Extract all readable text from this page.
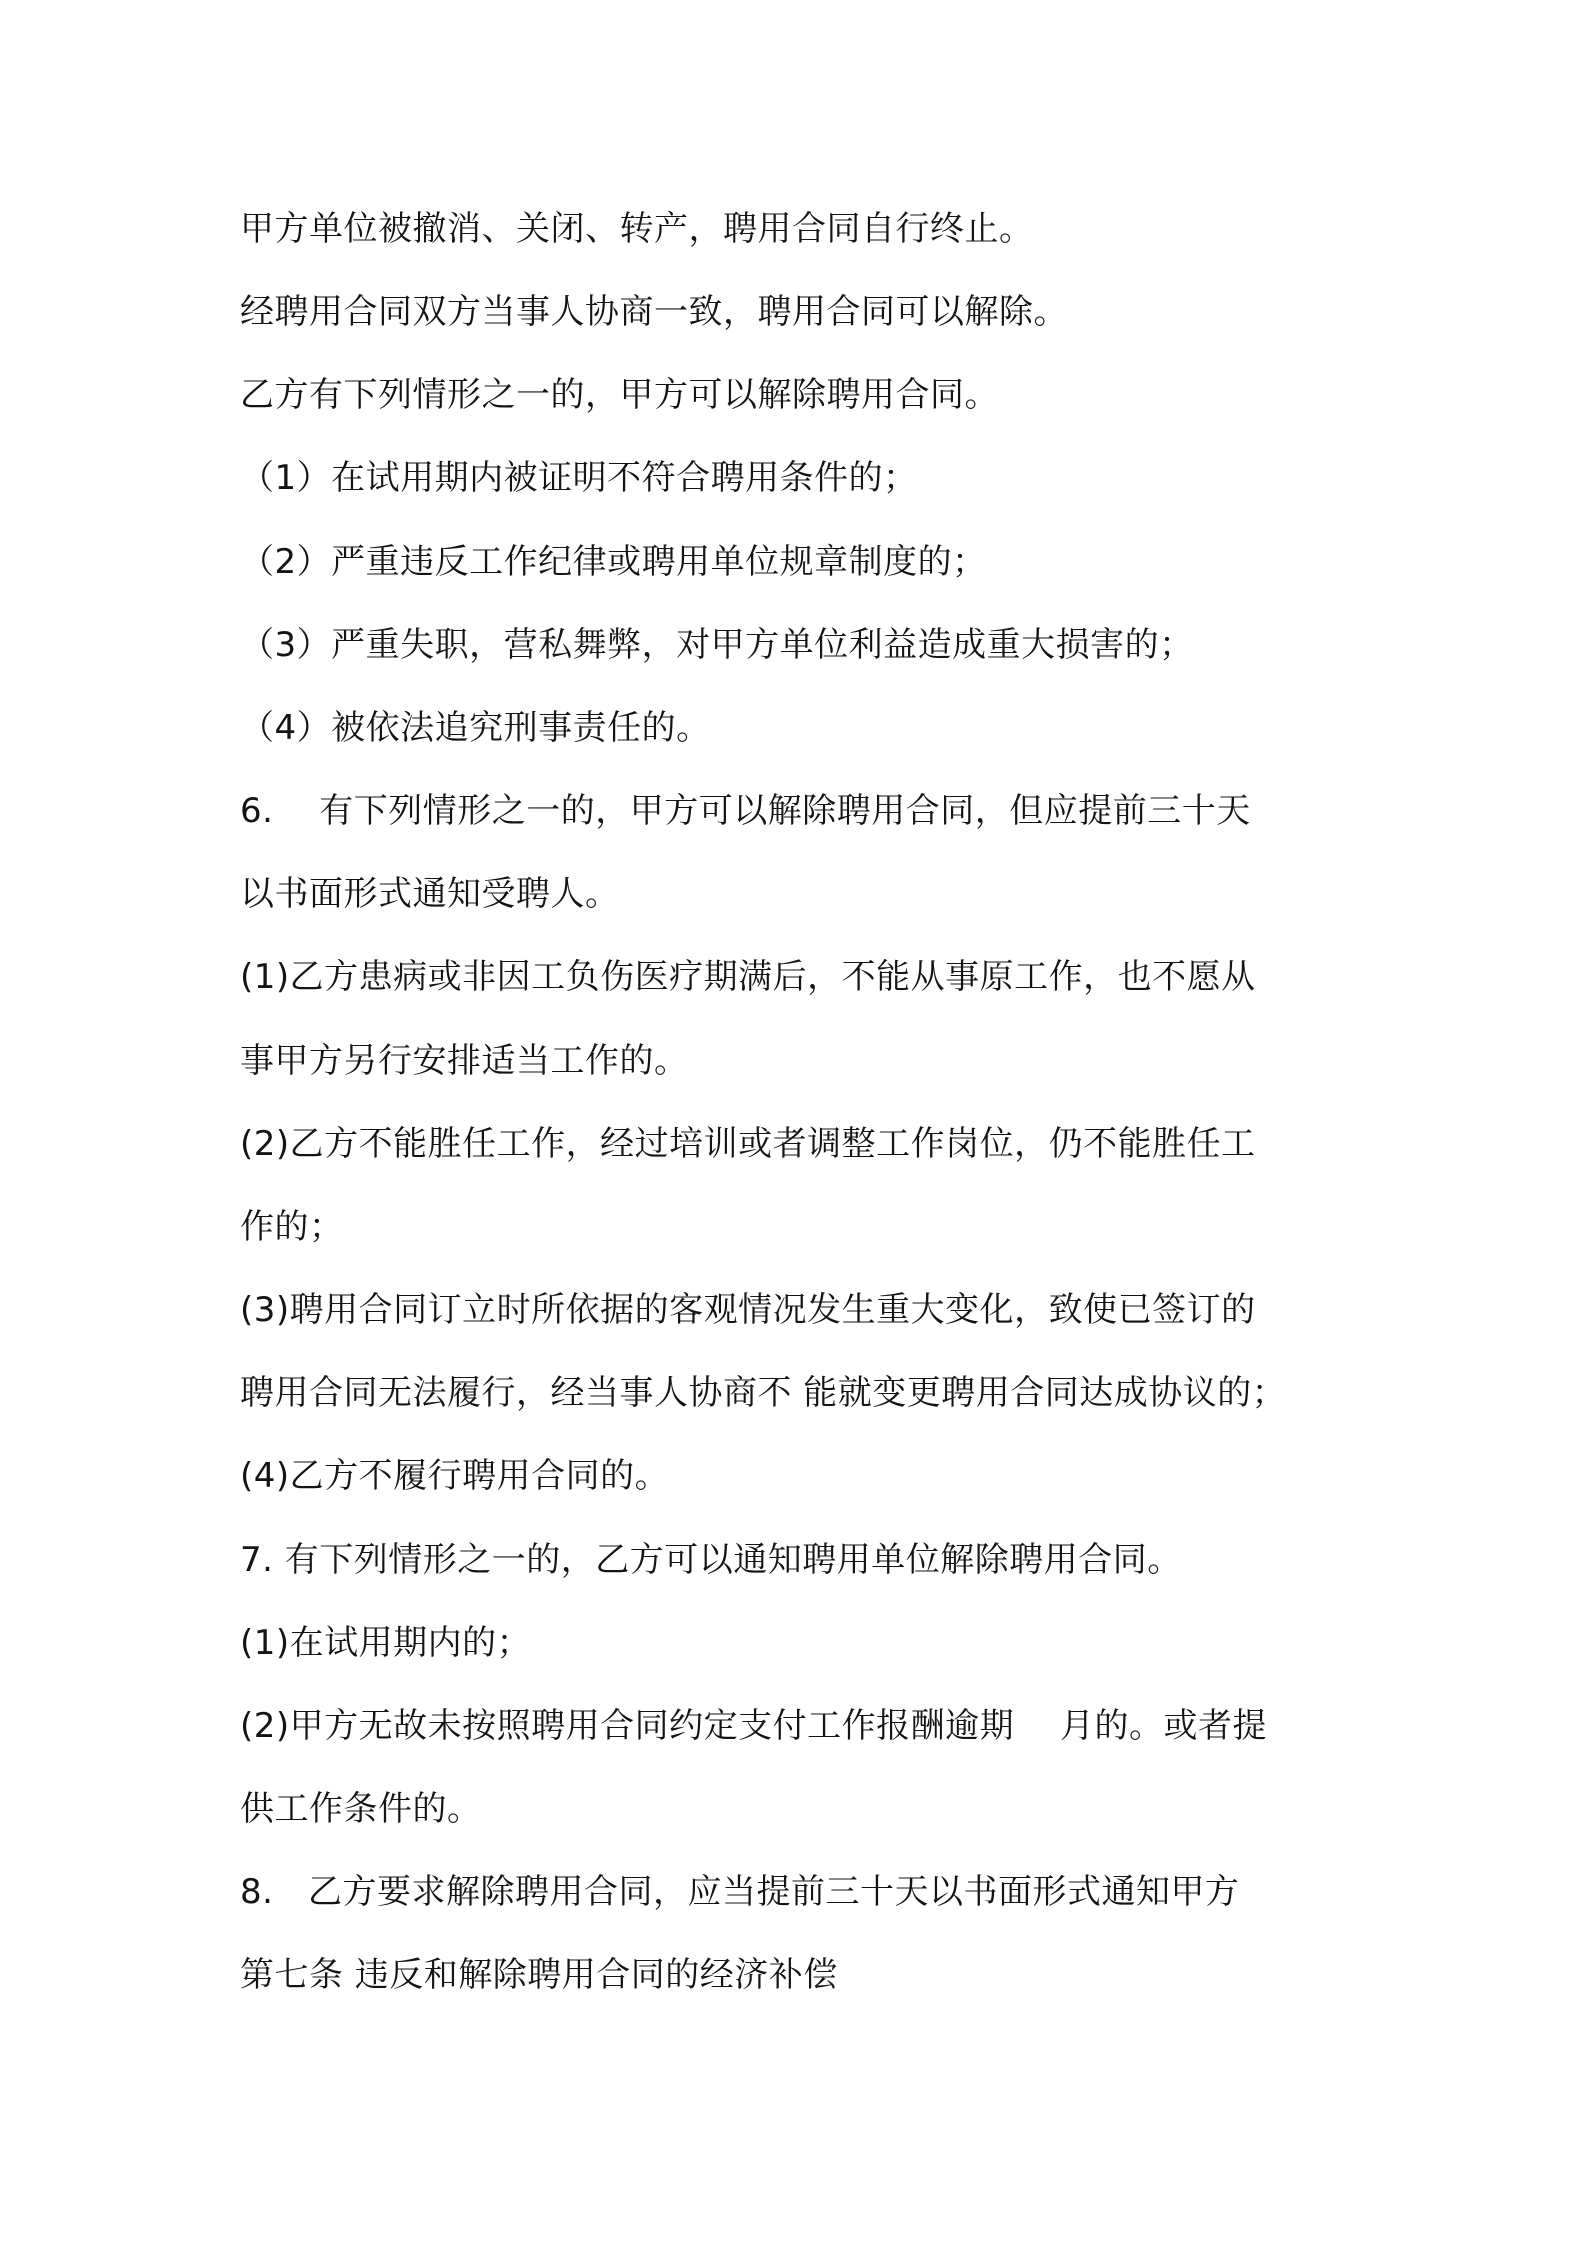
甲方单位被撤消、关闭、转产，聘用合同自行终止。
经聘用合同双方当事人协商一致，聘用合同可以解除。
乙方有下列情形之一的，甲方可以解除聘用合同。
（1）在试用期内被证明不符合聘用条件的；
（2）严重违反工作纪律或聘用单位规章制度的；
（3）严重失职，营私舞弊，对甲方单位利益造成重大损害的；
（4）被依法追究刑事责任的。
6.　 有下列情形之一的，甲方可以解除聘用合同，但应提前三十天
以书面形式通知受聘人。
(1)乙方患病或非因工负伤医疗期满后，不能从事原工作，也不愿从
事甲方另行安排适当工作的。
(2)乙方不能胜任工作，经过培训或者调整工作岗位，仍不能胜任工
作的；
(3)聘用合同订立时所依据的客观情况发生重大变化，致使已签订的
聘用合同无法履行，经当事人协商不 能就变更聘用合同达成协议的；
(4)乙方不履行聘用合同的。
7. 有下列情形之一的，乙方可以通知聘用单位解除聘用合同。
(1)在试用期内的；
(2)甲方无故未按照聘用合同约定支付工作报酬逾期　 月的。或者提
供工作条件的。
8.　乙方要求解除聘用合同，应当提前三十天以书面形式通知甲方
第七条 违反和解除聘用合同的经济补偿
